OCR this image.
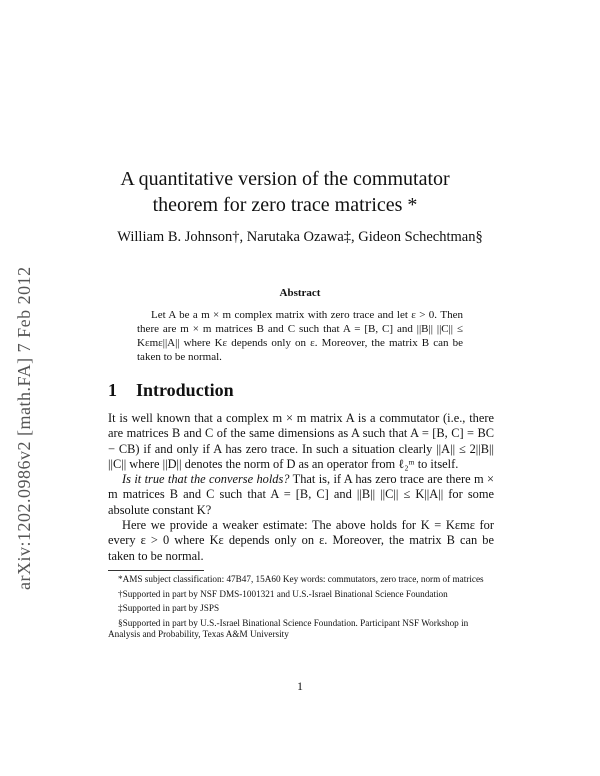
arXiv:1202.0986v2 [math.FA] 7 Feb 2012
A quantitative version of the commutator
theorem for zero trace matrices *
William B. Johnson†, Narutaka Ozawa‡, Gideon Schechtman§
Abstract
Let A be a m × m complex matrix with zero trace and let ε > 0. Then there are m × m matrices B and C such that A = [B, C] and ||B|| ||C|| ≤ Kεmε||A|| where Kε depends only on ε. Moreover, the matrix B can be taken to be normal.
1 Introduction

It is well known that a complex m × m matrix A is a commutator (i.e., there are matrices B and C of the same dimensions as A such that A = [B, C] = BC − CB) if and only if A has zero trace. In such a situation clearly ||A|| ≤ 2||B|| ||C|| where ||D|| denotes the norm of D as an operator from ℓ₂ᵐ to itself.

Is it true that the converse holds? That is, if A has zero trace are there m × m matrices B and C such that A = [B, C] and ||B|| ||C|| ≤ K||A|| for some absolute constant K?

Here we provide a weaker estimate: The above holds for K = Kεmε for every ε > 0 where Kε depends only on ε. Moreover, the matrix B can be taken to be normal.

*AMS subject classification: 47B47, 15A60 Key words: commutators, zero trace, norm of matrices

†Supported in part by NSF DMS-1001321 and U.S.-Israel Binational Science Foundation

‡Supported in part by JSPS

§Supported in part by U.S.-Israel Binational Science Foundation. Participant NSF Workshop in Analysis and Probability, Texas A&M University

1
